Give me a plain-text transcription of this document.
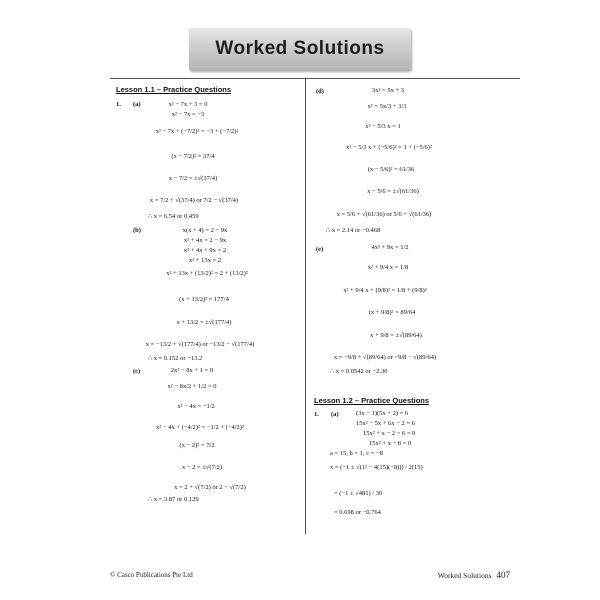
Worked Solutions
Lesson 1.1 – Practice Questions
1. (a)	x² − 7x + 3 = 0
x² − 7x = −3
x² − 7x + (−7/2)² = −3 + (−7/2)²
(x − 7/2)² = 37/4
x − 7/2 = ±√(37/4)
x = 7/2 + √(37/4) or 7/2 − √(37/4)
∴ x = 6.54 or 0.459
(b)	x(x + 4) = 2 − 9x
x² + 4x = 2 − 9x
x² + 4x + 9x = 2
x² + 13x = 2
x² + 13x + (13/2)² = 2 + (13/2)²
(x + 13/2)² = 177/4
x + 13/2 = ±√(177/4)
x = −13/2 + √(177/4) or −13/2 − √(177/4)
∴ x = 0.152 or −13.2
(c)	2x² − 8x + 1 = 0
x² − 8x/2 + 1/2 = 0
x² − 4x = −1/2
x² − 4x + (−4/2)² = −1/2 + (−4/2)²
(x − 2)² = 7/2
x − 2 = ±√(7/2)
x = 2 + √(7/2) or 2 − √(7/2)
∴ x = 3.87 or 0.129
(d)	3x² = 5x + 3
x² = 5x/3 + 3/3
x² − 5/3 x = 1
x² − 5/3 x + (−5/6)² = 1 + (−5/6)²
(x − 5/6)² = 61/36
x − 5/6 = ±√(61/36)
x = 5/6 + √(61/36) or 5/6 − √(61/36)
∴ x = 2.14 or −0.468
(e)	4x² + 9x = 1/2
x² + 9/4 x = 1/8
x² + 9/4 x + (9/8)² = 1/8 + (9/8)²
(x + 9/8)² = 89/64
x + 9/8 = ±√(89/64)
x = −9/8 + √(89/64) or −9/8 − √(89/64)
∴ x = 0.0542 or −2.30
Lesson 1.2 – Practice Questions
1. (a)	(3x − 1)(5x + 2) = 6
15x² − 5x + 6x − 2 = 6
15x² + x − 2 − 6 = 0
15x² + x − 8 = 0
a = 15, b = 1, c = −8
x = (−1 ± √(1² − 4(15)(−8))) / 2(15)
= (−1 ± √481) / 30
= 0.698 or −0.764
© Casco Publications Pte Ltd	Worked Solutions 407
